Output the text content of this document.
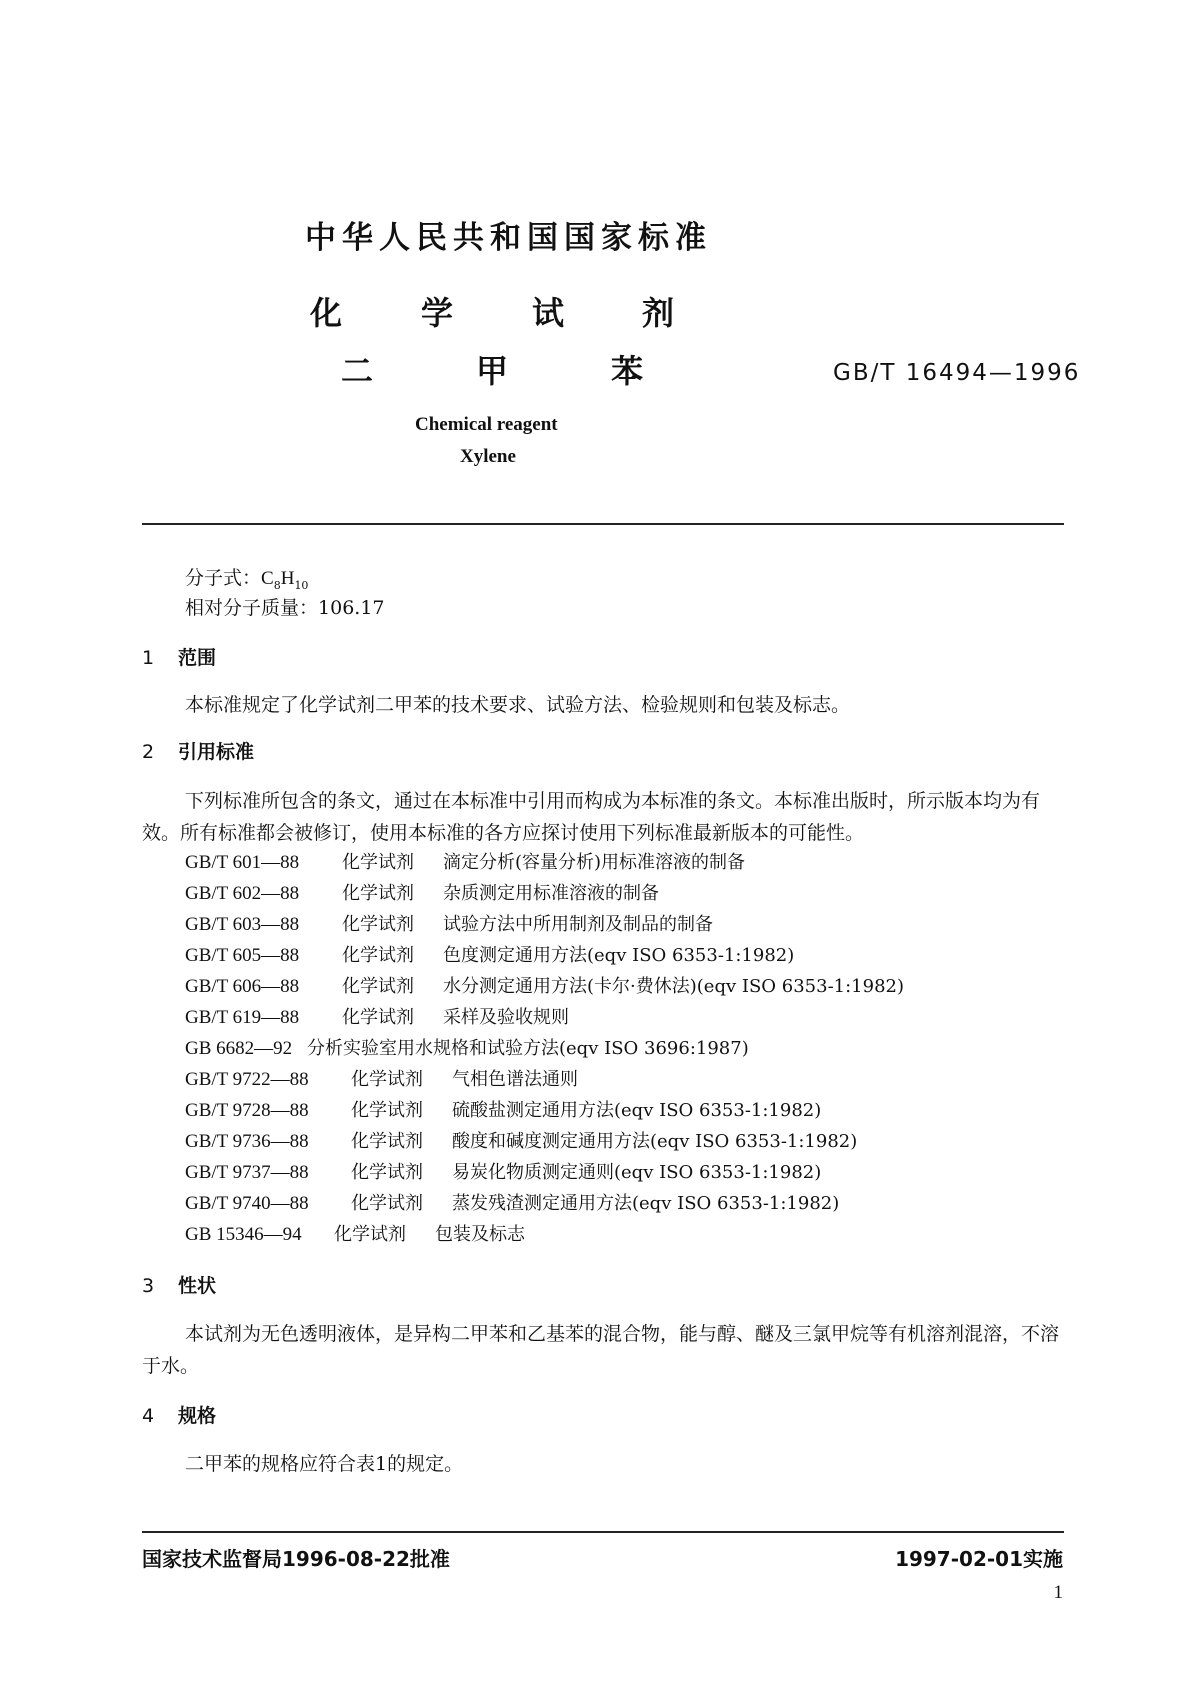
中华人民共和国国家标准
化 学 试 剂
二	甲	苯	GB/T 16494—1996
Chemical reagent
Xylene
分子式：$C_8H_{10}$
相对分子质量：106.17
1 范围
本标准规定了化学试剂二甲苯的技术要求、试验方法、检验规则和包装及标志。
2 引用标准
下列标准所包含的条文，通过在本标准中引用而构成为本标准的条文。本标准出版时，所示版本均为有效。所有标准都会被修订，使用本标准的各方应探讨使用下列标准最新版本的可能性。
GB/T 601—88 化学试剂 滴定分析(容量分析)用标准溶液的制备
GB/T 602—88 化学试剂 杂质测定用标准溶液的制备
GB/T 603—88 化学试剂 试验方法中所用制剂及制品的制备
GB/T 605—88 化学试剂 色度测定通用方法(eqv ISO 6353-1:1982)
GB/T 606—88 化学试剂 水分测定通用方法(卡尔·费休法)(eqv ISO 6353-1:1982)
GB/T 619—88 化学试剂 采样及验收规则
GB 6682—92 分析实验室用水规格和试验方法(eqv ISO 3696:1987)
GB/T 9722—88 化学试剂 气相色谱法通则
GB/T 9728—88 化学试剂 硫酸盐测定通用方法(eqv ISO 6353-1:1982)
GB/T 9736—88 化学试剂 酸度和碱度测定通用方法(eqv ISO 6353-1:1982)
GB/T 9737—88 化学试剂 易炭化物质测定通则(eqv ISO 6353-1:1982)
GB/T 9740—88 化学试剂 蒸发残渣测定通用方法(eqv ISO 6353-1:1982)
GB 15346—94 化学试剂 包装及标志
3 性状
本试剂为无色透明液体，是异构二甲苯和乙基苯的混合物，能与醇、醚及三氯甲烷等有机溶剂混溶，不溶于水。
4 规格
二甲苯的规格应符合表1的规定。
国家技术监督局1996-08-22批准	1997-02-01实施
1
